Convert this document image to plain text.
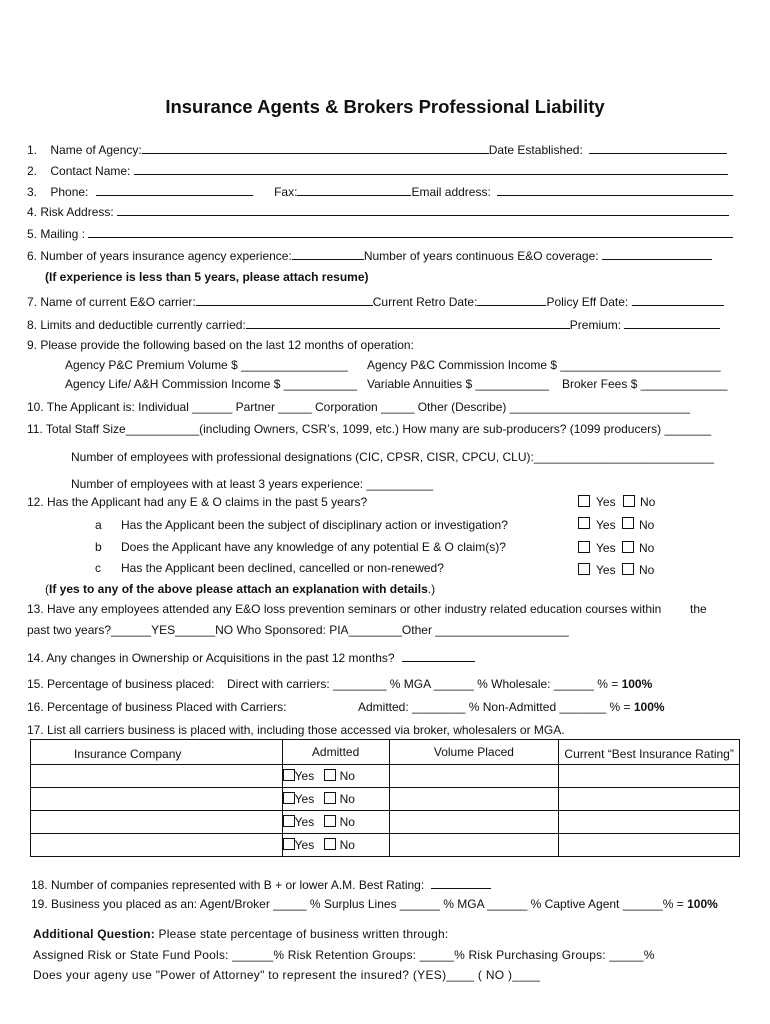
Insurance Agents & Brokers Professional Liability
1. Name of Agency:	Date Established:
2. Contact Name:
3. Phone:	Fax:	Email address:
4. Risk Address:
5. Mailing :
6. Number of years insurance agency experience:	Number of years continuous E&O coverage:
(If experience is less than 5 years, please attach resume)
7. Name of current E&O carrier:	Current Retro Date:	Policy Eff Date:
8. Limits and deductible currently carried:	Premium:
9. Please provide the following based on the last 12 months of operation:
Agency P&C Premium Volume $ ________________ Agency P&C Commission Income $ ________________________
Agency Life/ A&H Commission Income $ ___________ Variable Annuities $ ___________ Broker Fees $ _____________
10. The Applicant is: Individual ______ Partner _____ Corporation _____ Other (Describe) ___________________________
11. Total Staff Size___________(including Owners, CSR’s, 1099, etc.) How many are sub-producers? (1099 producers) _______
Number of employees with professional designations (CIC, CPSR, CISR, CPCU, CLU):___________________________
Number of employees with at least 3 years experience: __________
12. Has the Applicant had any E & O claims in the past 5 years?	Yes No
a Has the Applicant been the subject of disciplinary action or investigation?	Yes No
b Does the Applicant have any knowledge of any potential E & O claim(s)?	Yes No
c Has the Applicant been declined, cancelled or non-renewed?	Yes No
(If yes to any of the above please attach an explanation with details.)
13. Have any employees attended any E&O loss prevention seminars or other industry related education courses within the
past two years?______YES______NO Who Sponsored: PIA________Other ____________________
14. Any changes in Ownership or Acquisitions in the past 12 months?
15. Percentage of business placed: Direct with carriers: ________ % MGA ______ % Wholesale: ______ % = 100%
16. Percentage of business Placed with Carriers:	Admitted: ________ % Non-Admitted _______ % = 100%
17. List all carriers business is placed with, including those accessed via broker, wholesalers or MGA.
Insurance Company	Admitted	Volume Placed	Current “Best Insurance Rating”
	Yes No		
	Yes No		
	Yes No		
	Yes No		
18. Number of companies represented with B + or lower A.M. Best Rating:
19. Business you placed as an: Agent/Broker _____ % Surplus Lines ______ % MGA ______ % Captive Agent ______% = 100%
Additional Question: Please state percentage of business written through:
Assigned Risk or State Fund Pools: ______% Risk Retention Groups: _____% Risk Purchasing Groups: _____%
Does your ageny use "Power of Attorney" to represent the insured? (YES)____ ( NO )____
